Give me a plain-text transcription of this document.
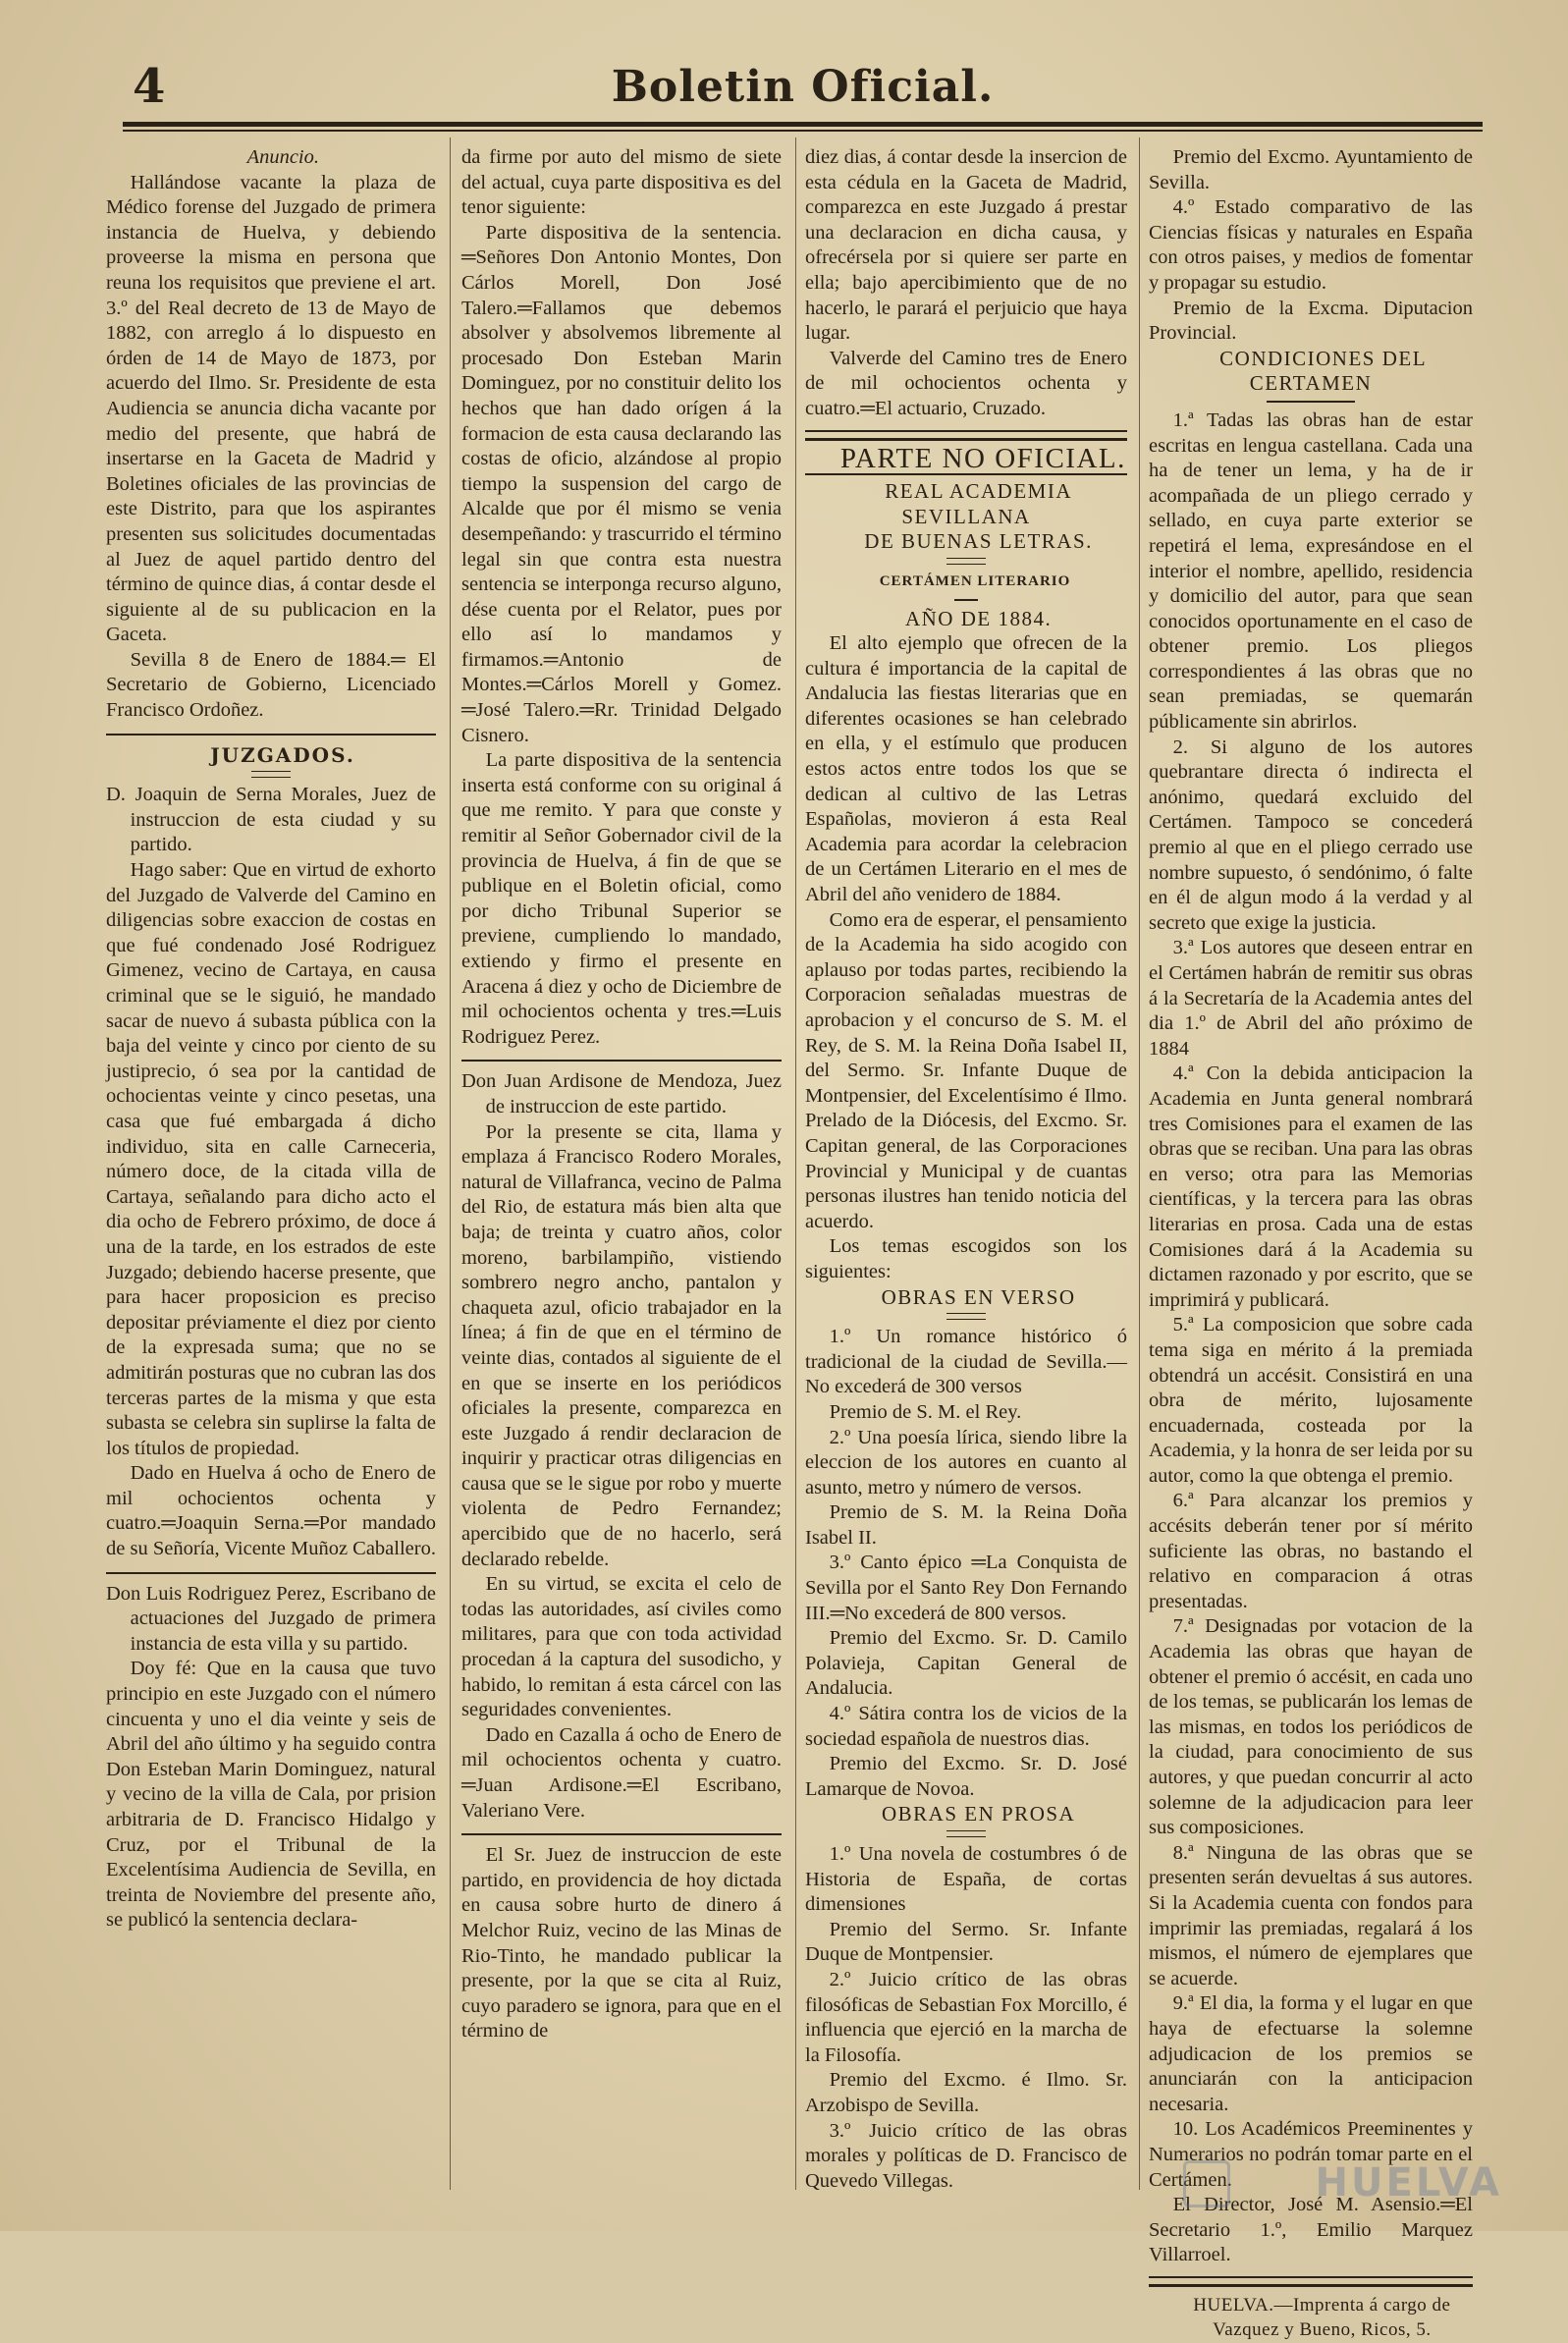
4	Boletin Oficial.

Anuncio.

Hallándose vacante la plaza de Médico forense del Juzgado de primera instancia de Huelva, y debiendo proveerse la misma en persona que reuna los requisitos que previene el art. 3.º del Real decreto de 13 de Mayo de 1882, con arreglo á lo dispuesto en órden de 14 de Mayo de 1873, por acuerdo del Ilmo. Sr. Presidente de esta Audiencia se anuncia dicha vacante por medio del presente, que habrá de insertarse en la Gaceta de Madrid y Boletines oficiales de las provincias de este Distrito, para que los aspirantes presenten sus solicitudes documentadas al Juez de aquel partido dentro del término de quince dias, á contar desde el siguiente al de su publicacion en la Gaceta.

Sevilla 8 de Enero de 1884.═ El Secretario de Gobierno, Licenciado Francisco Ordoñez.

JUZGADOS.

D. Joaquin de Serna Morales, Juez de instruccion de esta ciudad y su partido.

Hago saber: Que en virtud de exhorto del Juzgado de Valverde del Camino en diligencias sobre exaccion de costas en que fué condenado José Rodriguez Gimenez, vecino de Cartaya, en causa criminal que se le siguió, he mandado sacar de nuevo á subasta pública con la baja del veinte y cinco por ciento de su justiprecio, ó sea por la cantidad de ochocientas veinte y cinco pesetas, una casa que fué embargada á dicho individuo, sita en calle Carneceria, número doce, de la citada villa de Cartaya, señalando para dicho acto el dia ocho de Febrero próximo, de doce á una de la tarde, en los estrados de este Juzgado; debiendo hacerse presente, que para hacer proposicion es preciso depositar préviamente el diez por ciento de la expresada suma; que no se admitirán posturas que no cubran las dos terceras partes de la misma y que esta subasta se celebra sin suplirse la falta de los títulos de propiedad.

Dado en Huelva á ocho de Enero de mil ochocientos ochenta y cuatro.═Joaquin Serna.═Por mandado de su Señoría, Vicente Muñoz Caballero.

Don Luis Rodriguez Perez, Escribano de actuaciones del Juzgado de primera instancia de esta villa y su partido.

Doy fé: Que en la causa que tuvo principio en este Juzgado con el número cincuenta y uno el dia veinte y seis de Abril del año último y ha seguido contra Don Esteban Marin Dominguez, natural y vecino de la villa de Cala, por prision arbitraria de D. Francisco Hidalgo y Cruz, por el Tribunal de la Excelentísima Audiencia de Sevilla, en treinta de Noviembre del presente año, se publicó la sentencia declara-

da firme por auto del mismo de siete del actual, cuya parte dispositiva es del tenor siguiente:

Parte dispositiva de la sentencia. ═Señores Don Antonio Montes, Don Cárlos Morell, Don José Talero.═Fallamos que debemos absolver y absolvemos libremente al procesado Don Esteban Marin Dominguez, por no constituir delito los hechos que han dado orígen á la formacion de esta causa declarando las costas de oficio, alzándose al propio tiempo la suspension del cargo de Alcalde que por él mismo se venia desempeñando: y trascurrido el término legal sin que contra esta nuestra sentencia se interponga recurso alguno, dése cuenta por el Relator, pues por ello así lo mandamos y firmamos.═Antonio de Montes.═Cárlos Morell y Gomez. ═José Talero.═Rr. Trinidad Delgado Cisnero.

La parte dispositiva de la sentencia inserta está conforme con su original á que me remito. Y para que conste y remitir al Señor Gobernador civil de la provincia de Huelva, á fin de que se publique en el Boletin oficial, como por dicho Tribunal Superior se previene, cumpliendo lo mandado, extiendo y firmo el presente en Aracena á diez y ocho de Diciembre de mil ochocientos ochenta y tres.═Luis Rodriguez Perez.

Don Juan Ardisone de Mendoza, Juez de instruccion de este partido.

Por la presente se cita, llama y emplaza á Francisco Rodero Morales, natural de Villafranca, vecino de Palma del Rio, de estatura más bien alta que baja; de treinta y cuatro años, color moreno, barbilampiño, vistiendo sombrero negro ancho, pantalon y chaqueta azul, oficio trabajador en la línea; á fin de que en el término de veinte dias, contados al siguiente de el en que se inserte en los periódicos oficiales la presente, comparezca en este Juzgado á rendir declaracion de inquirir y practicar otras diligencias en causa que se le sigue por robo y muerte violenta de Pedro Fernandez; apercibido que de no hacerlo, será declarado rebelde.

En su virtud, se excita el celo de todas las autoridades, así civiles como militares, para que con toda actividad procedan á la captura del susodicho, y habido, lo remitan á esta cárcel con las seguridades convenientes.

Dado en Cazalla á ocho de Enero de mil ochocientos ochenta y cuatro. ═Juan Ardisone.═El Escribano, Valeriano Vere.

El Sr. Juez de instruccion de este partido, en providencia de hoy dictada en causa sobre hurto de dinero á Melchor Ruiz, vecino de las Minas de Rio-Tinto, he mandado publicar la presente, por la que se cita al Ruiz, cuyo paradero se ignora, para que en el término de

diez dias, á contar desde la insercion de esta cédula en la Gaceta de Madrid, comparezca en este Juzgado á prestar una declaracion en dicha causa, y ofrecérsela por si quiere ser parte en ella; bajo apercibimiento que de no hacerlo, le parará el perjuicio que haya lugar.

Valverde del Camino tres de Enero de mil ochocientos ochenta y cuatro.═El actuario, Cruzado.

PARTE NO OFICIAL.

REAL ACADEMIA SEVILLANA

DE BUENAS LETRAS.

CERTÁMEN LITERARIO

AÑO DE 1884.

El alto ejemplo que ofrecen de la cultura é importancia de la capital de Andalucia las fiestas literarias que en diferentes ocasiones se han celebrado en ella, y el estímulo que producen estos actos entre todos los que se dedican al cultivo de las Letras Españolas, movieron á esta Real Academia para acordar la celebracion de un Certámen Literario en el mes de Abril del año venidero de 1884.

Como era de esperar, el pensamiento de la Academia ha sido acogido con aplauso por todas partes, recibiendo la Corporacion señaladas muestras de aprobacion y el concurso de S. M. el Rey, de S. M. la Reina Doña Isabel II, del Sermo. Sr. Infante Duque de Montpensier, del Excelentísimo é Ilmo. Prelado de la Diócesis, del Excmo. Sr. Capitan general, de las Corporaciones Provincial y Municipal y de cuantas personas ilustres han tenido noticia del acuerdo.

Los temas escogidos son los siguientes:

OBRAS EN VERSO

1.º Un romance histórico ó tradicional de la ciudad de Sevilla.—No excederá de 300 versos

Premio de S. M. el Rey.

2.º Una poesía lírica, siendo libre la eleccion de los autores en cuanto al asunto, metro y número de versos.

Premio de S. M. la Reina Doña Isabel II.

3.º Canto épico ═La Conquista de Sevilla por el Santo Rey Don Fernando III.═No excederá de 800 versos.

Premio del Excmo. Sr. D. Camilo Polavieja, Capitan General de Andalucia.

4.º Sátira contra los de vicios de la sociedad española de nuestros dias.

Premio del Excmo. Sr. D. José Lamarque de Novoa.

OBRAS EN PROSA

1.º Una novela de costumbres ó de Historia de España, de cortas dimensiones

Premio del Sermo. Sr. Infante Duque de Montpensier.

2.º Juicio crítico de las obras filosóficas de Sebastian Fox Morcillo, é influencia que ejerció en la marcha de la Filosofía.

Premio del Excmo. é Ilmo. Sr. Arzobispo de Sevilla.

3.º Juicio crítico de las obras morales y políticas de D. Francisco de Quevedo Villegas.

Premio del Excmo. Ayuntamiento de Sevilla.

4.º Estado comparativo de las Ciencias físicas y naturales en España con otros paises, y medios de fomentar y propagar su estudio.

Premio de la Excma. Diputacion Provincial.

CONDICIONES DEL CERTAMEN

1.ª Tadas las obras han de estar escritas en lengua castellana. Cada una ha de tener un lema, y ha de ir acompañada de un pliego cerrado y sellado, en cuya parte exterior se repetirá el lema, expresándose en el interior el nombre, apellido, residencia y domicilio del autor, para que sean conocidos oportunamente en el caso de obtener premio. Los pliegos correspondientes á las obras que no sean premiadas, se quemarán públicamente sin abrirlos.

2. Si alguno de los autores quebrantare directa ó indirecta el anónimo, quedará excluido del Certámen. Tampoco se concederá premio al que en el pliego cerrado use nombre supuesto, ó sendónimo, ó falte en él de algun modo á la verdad y al secreto que exige la justicia.

3.ª Los autores que deseen entrar en el Certámen habrán de remitir sus obras á la Secretaría de la Academia antes del dia 1.º de Abril del año próximo de 1884

4.ª Con la debida anticipacion la Academia en Junta general nombrará tres Comisiones para el examen de las obras que se reciban. Una para las obras en verso; otra para las Memorias científicas, y la tercera para las obras literarias en prosa. Cada una de estas Comisiones dará á la Academia su dictamen razonado y por escrito, que se imprimirá y publicará.

5.ª La composicion que sobre cada tema siga en mérito á la premiada obtendrá un accésit. Consistirá en una obra de mérito, lujosamente encuadernada, costeada por la Academia, y la honra de ser leida por su autor, como la que obtenga el premio.

6.ª Para alcanzar los premios y accésits deberán tener por sí mérito suficiente las obras, no bastando el relativo en comparacion á otras presentadas.

7.ª Designadas por votacion de la Academia las obras que hayan de obtener el premio ó accésit, en cada uno de los temas, se publicarán los lemas de las mismas, en todos los periódicos de la ciudad, para conocimiento de sus autores, y que puedan concurrir al acto solemne de la adjudicacion para leer sus composiciones.

8.ª Ninguna de las obras que se presenten serán devueltas á sus autores. Si la Academia cuenta con fondos para imprimir las premiadas, regalará á los mismos, el número de ejemplares que se acuerde.

9.ª El dia, la forma y el lugar en que haya de efectuarse la solemne adjudicacion de los premios se anunciarán con la anticipacion necesaria.

10. Los Académicos Preeminentes y Numerarios no podrán tomar parte en el Certámen.

El Director, José M. Asensio.═El Secretario 1.º, Emilio Marquez Villarroel.

HUELVA.—Imprenta á cargo de

Vazquez y Bueno, Ricos, 5.

HUELVA
